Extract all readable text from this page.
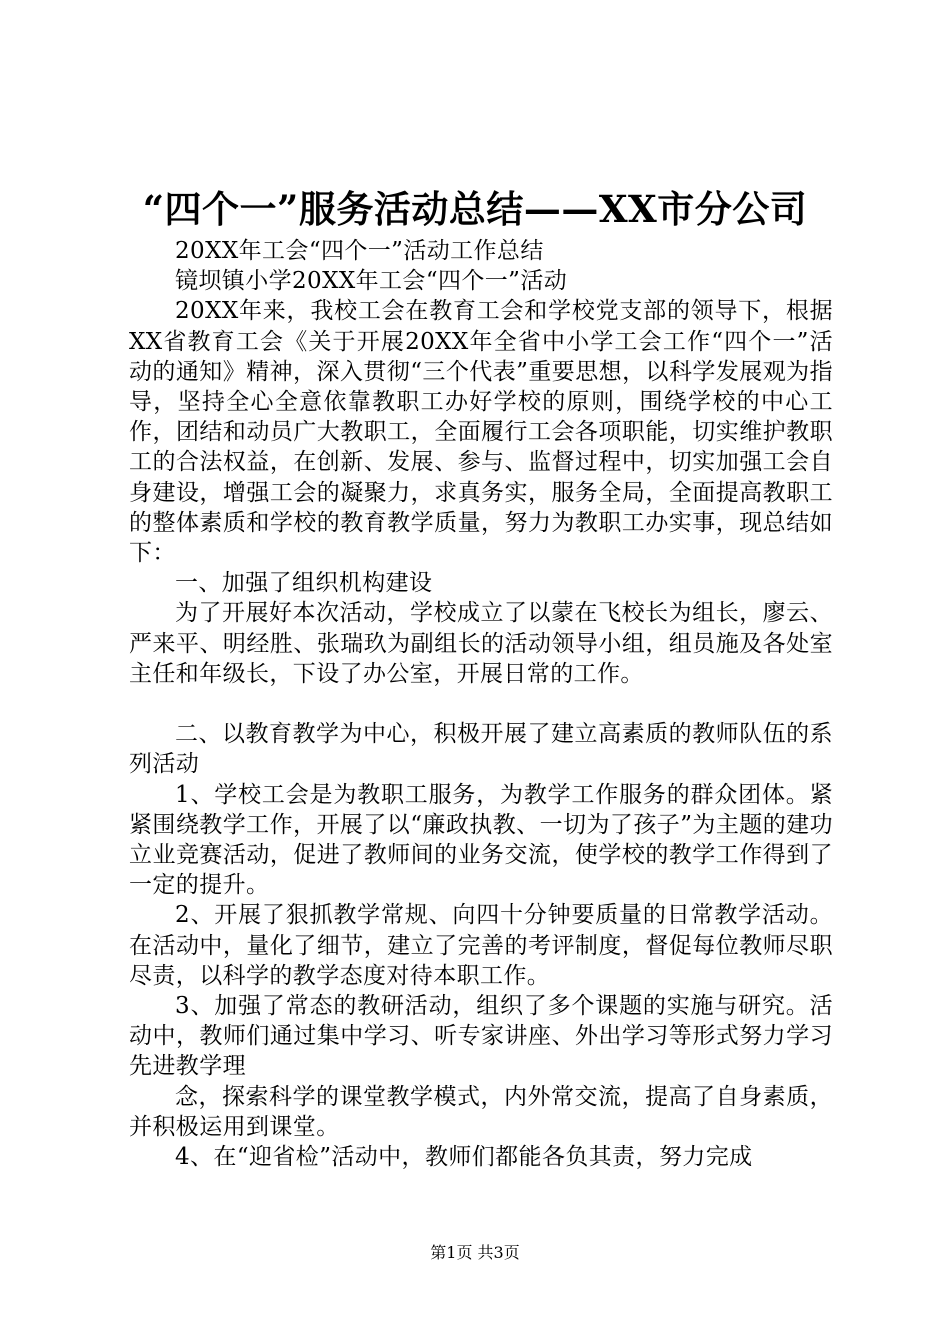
“四个一”服务活动总结——XX市分公司

20XX年工会“四个一”活动工作总结

镜坝镇小学20XX年工会“四个一”活动

20XX年来，我校工会在教育工会和学校党支部的领导下，根据XX省教育工会《关于开展20XX年全省中小学工会工作“四个一”活动的通知》精神，深入贯彻“三个代表”重要思想，以科学发展观为指导，坚持全心全意依靠教职工办好学校的原则，围绕学校的中心工作，团结和动员广大教职工，全面履行工会各项职能，切实维护教职工的合法权益，在创新、发展、参与、监督过程中，切实加强工会自身建设，增强工会的凝聚力，求真务实，服务全局，全面提高教职工的整体素质和学校的教育教学质量，努力为教职工办实事，现总结如下：

一、加强了组织机构建设

为了开展好本次活动，学校成立了以蒙在飞校长为组长，廖云、严来平、明经胜、张瑞玖为副组长的活动领导小组，组员施及各处室主任和年级长，下设了办公室，开展日常的工作。

二、以教育教学为中心，积极开展了建立高素质的教师队伍的系列活动

1、学校工会是为教职工服务，为教学工作服务的群众团体。紧紧围绕教学工作，开展了以“廉政执教、一切为了孩子”为主题的建功立业竞赛活动，促进了教师间的业务交流，使学校的教学工作得到了一定的提升。

2、开展了狠抓教学常规、向四十分钟要质量的日常教学活动。在活动中，量化了细节，建立了完善的考评制度，督促每位教师尽职尽责，以科学的教学态度对待本职工作。

3、加强了常态的教研活动，组织了多个课题的实施与研究。活动中，教师们通过集中学习、听专家讲座、外出学习等形式努力学习先进教学理

念，探索科学的课堂教学模式，内外常交流，提高了自身素质，并积极运用到课堂。

4、在“迎省检”活动中，教师们都能各负其责，努力完成

第1页 共3页
